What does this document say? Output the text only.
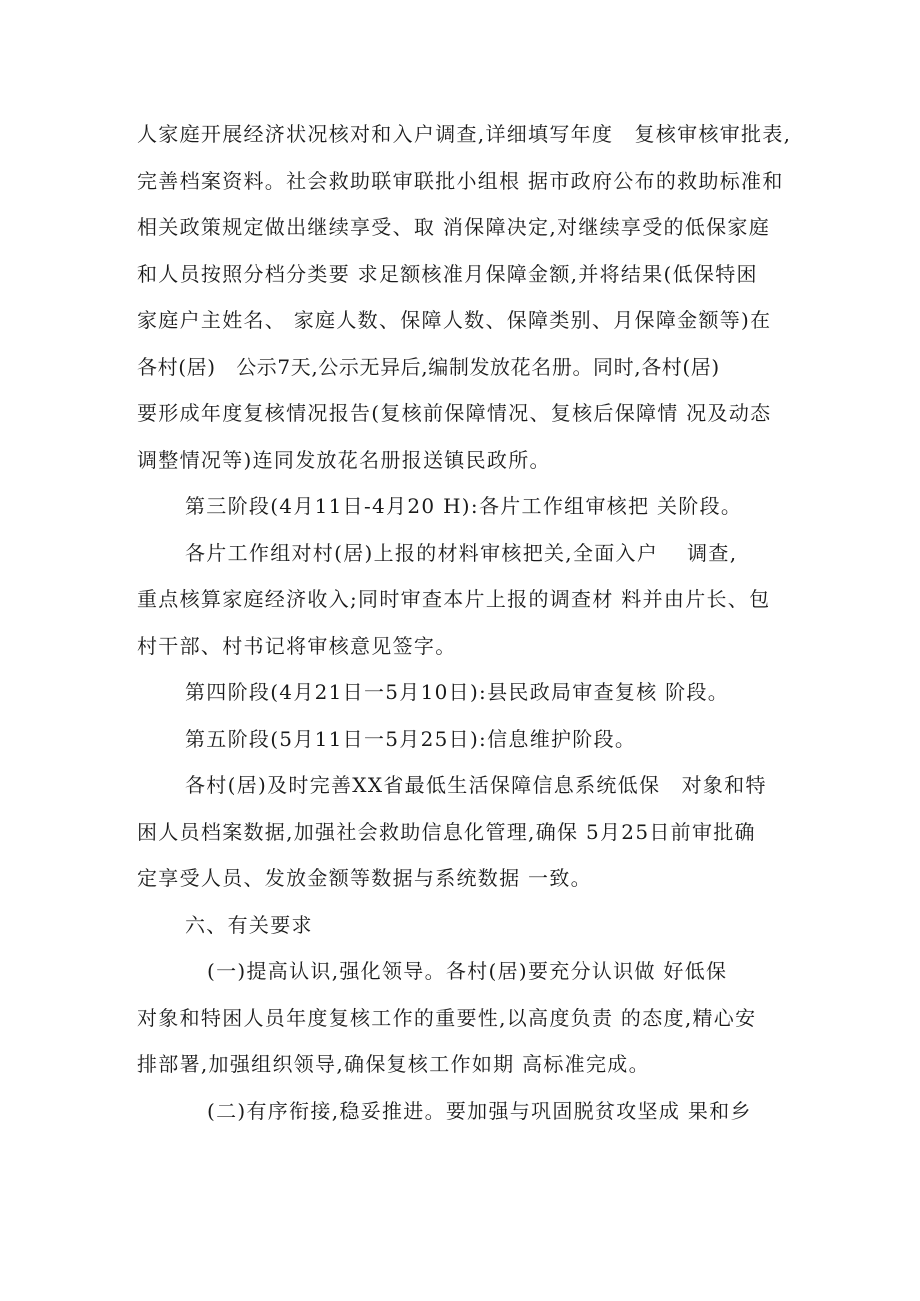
人家庭开展经济状况核对和入户调查,详细填写年度　复核审核审批表,
完善档案资料。社会救助联审联批小组根 据市政府公布的救助标准和
相关政策规定做出继续享受、取 消保障决定,对继续享受的低保家庭
和人员按照分档分类要 求足额核准月保障金额,并将结果(低保特困
家庭户主姓名、 家庭人数、保障人数、保障类别、月保障金额等)在
各村(居)　公示7天,公示无异后,编制发放花名册。同时,各村(居)
要形成年度复核情况报告(复核前保障情况、复核后保障情 况及动态
调整情况等)连同发放花名册报送镇民政所。
第三阶段(4月11日-4月20 H):各片工作组审核把 关阶段。
各片工作组对村(居)上报的材料审核把关,全面入户　 调查,
重点核算家庭经济收入;同时审查本片上报的调查材 料并由片长、包
村干部、村书记将审核意见签字。
第四阶段(4月21日一5月10日):县民政局审查复核 阶段。
第五阶段(5月11日一5月25日):信息维护阶段。
各村(居)及时完善XX省最低生活保障信息系统低保　对象和特
困人员档案数据,加强社会救助信息化管理,确保 5月25日前审批确
定享受人员、发放金额等数据与系统数据 一致。
六、有关要求
(一)提高认识,强化领导。各村(居)要充分认识做 好低保
对象和特困人员年度复核工作的重要性,以高度负责 的态度,精心安
排部署,加强组织领导,确保复核工作如期 高标准完成。
(二)有序衔接,稳妥推进。要加强与巩固脱贫攻坚成 果和乡
